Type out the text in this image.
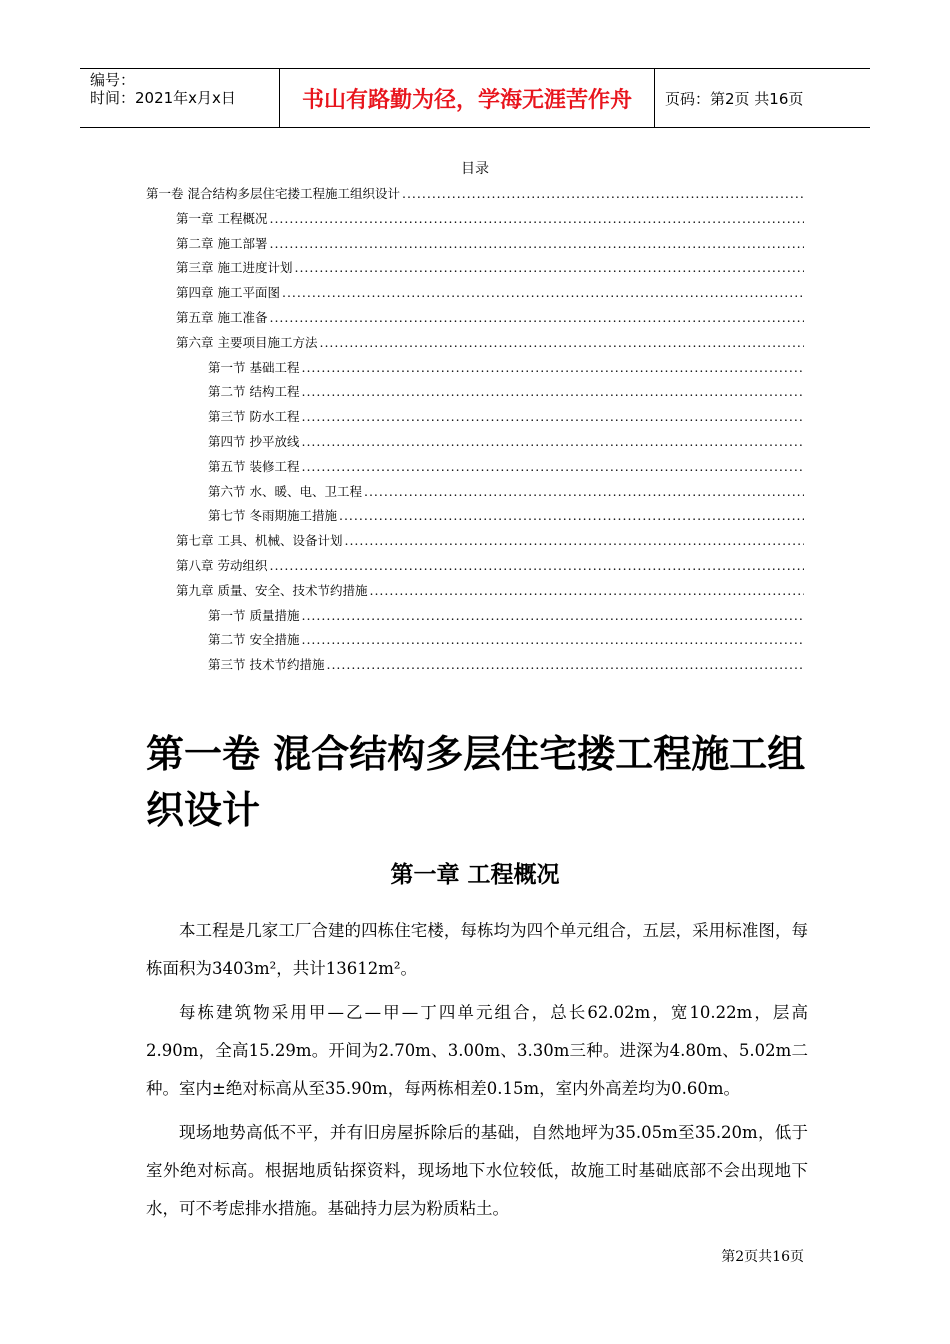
编号：
时间：2021年x月x日	书山有路勤为径，学海无涯苦作舟	页码：第2页 共16页
目录
第一卷 混合结构多层住宅搂工程施工组织设计
.....
第一章 工程概况
.....
第二章 施工部署
.....
第三章 施工进度计划
.....
第四章 施工平面图
.....
第五章 施工准备
.....
第六章 主要项目施工方法
.....
第一节 基础工程
.....
第二节 结构工程
.....
第三节 防水工程
.....
第四节 抄平放线
.....
第五节 装修工程
.....
第六节 水、暖、电、卫工程
.....
第七节 冬雨期施工措施
.....
第七章 工具、机械、设备计划
.....
第八章 劳动组织
.....
第九章 质量、安全、技术节约措施
.....
第一节 质量措施
.....
第二节 安全措施
.....
第三节 技术节约措施
.....
第一卷 混合结构多层住宅搂工程施工组织设计
第一章 工程概况

本工程是几家工厂合建的四栋住宅楼，每栋均为四个单元组合，五层，采用标准图，每栋面积为3403m²，共计13612m²。

每栋建筑物采用甲—乙—甲—丁四单元组合，总长62.02m，宽10.22m，层高2.90m，全高15.29m。开间为2.70m、3.00m、3.30m三种。进深为4.80m、5.02m二种。室内±绝对标高从至35.90m，每两栋相差0.15m，室内外高差均为0.60m。

现场地势高低不平，并有旧房屋拆除后的基础，自然地坪为35.05m至35.20m，低于室外绝对标高。根据地质钻探资料，现场地下水位较低，故施工时基础底部不会出现地下水，可不考虑排水措施。基础持力层为粉质粘土。

第2页共16页
